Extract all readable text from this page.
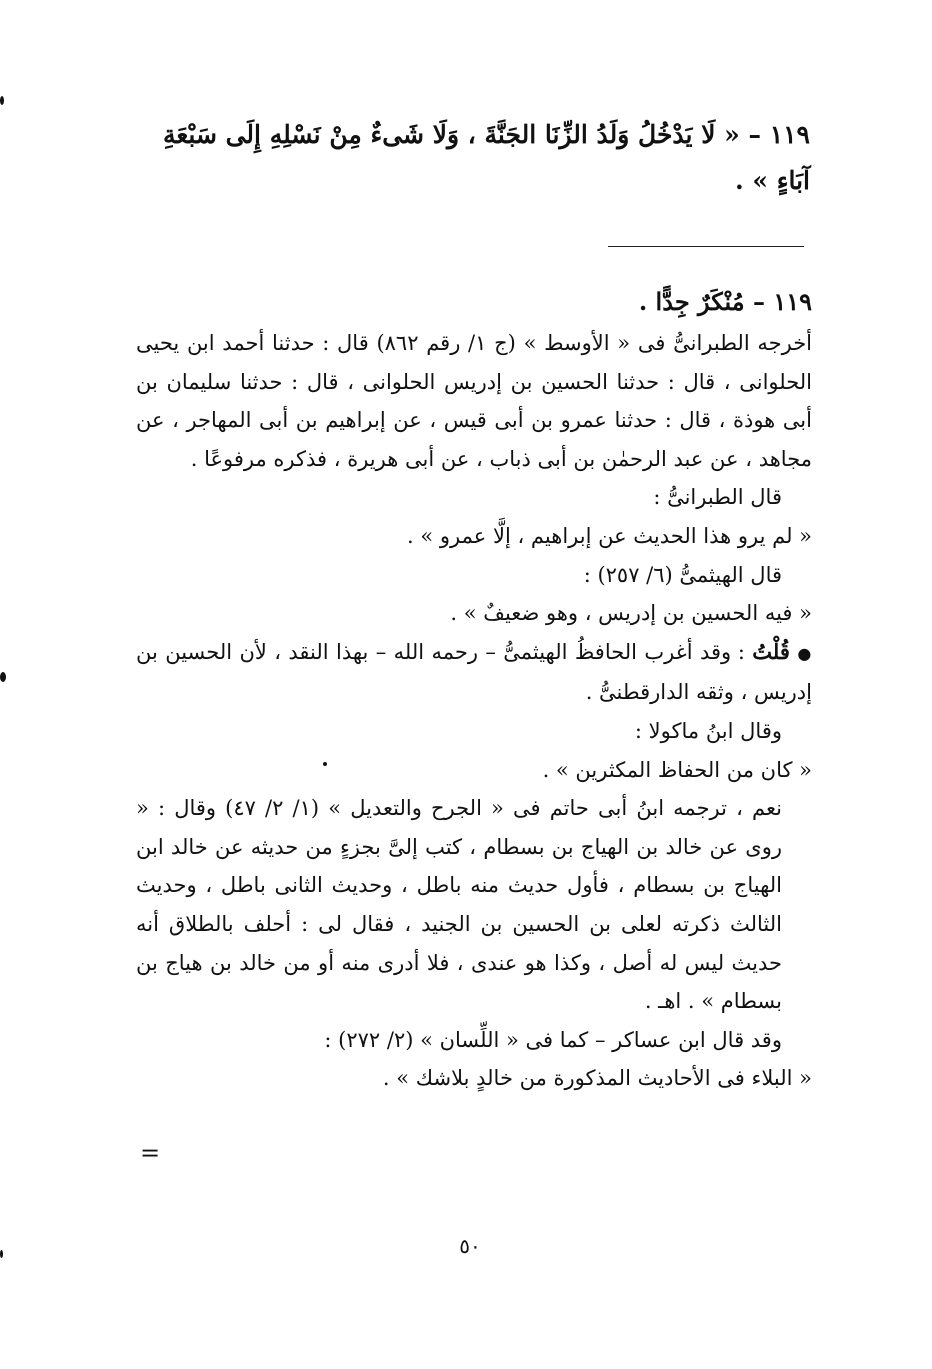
١١٩ – « لَا يَدْخُلُ وَلَدُ الزِّنَا الجَنَّةَ ، وَلَا شَىءٌ مِنْ نَسْلِهِ إِلَى سَبْعَةِ
آبَاءٍ » .

١١٩ – مُنْكَرٌ جِدًّا .

أخرجه الطبرانىُّ فى « الأوسط » (ج ١/ رقم ٨٦٢) قال : حدثنا أحمد ابن يحيى الحلوانى ، قال : حدثنا الحسين بن إدريس الحلوانى ، قال : حدثنا سليمان بن أبى هوذة ، قال : حدثنا عمرو بن أبى قيس ، عن إبراهيم بن أبى المهاجر ، عن مجاهد ، عن عبد الرحمٰن بن أبى ذباب ، عن أبى هريرة ، فذكره مرفوعًا .

قال الطبرانىُّ :

« لم يرو هذا الحديث عن إبراهيم ، إلَّا عمرو » .

قال الهيثمىُّ (٦/ ٢٥٧) :

« فيه الحسين بن إدريس ، وهو ضعيفٌ » .

● قُلْتُ : وقد أغرب الحافظُ الهيثمىُّ – رحمه الله – بهذا النقد ، لأن الحسين بن إدريس ، وثقه الدارقطنىُّ .

وقال ابنُ ماكولا :

« كان من الحفاظ المكثرين » .

نعم ، ترجمه ابنُ أبى حاتم فى « الجرح والتعديل » (١/ ٢/ ٤٧) وقال : « روى عن خالد بن الهياج بن بسطام ، كتب إلىَّ بجزءٍ من حديثه عن خالد ابن الهياج بن بسطام ، فأول حديث منه باطل ، وحديث الثانى باطل ، وحديث الثالث ذكرته لعلى بن الحسين بن الجنيد ، فقال لى : أحلف بالطلاق أنه حديث ليس له أصل ، وكذا هو عندى ، فلا أدرى منه أو من خالد بن هياج بن بسطام » . اهـ .

وقد قال ابن عساكر – كما فى « اللِّسان » (٢/ ٢٧٢) :

« البلاء فى الأحاديث المذكورة من خالدٍ بلاشك » .

=
٥٠
